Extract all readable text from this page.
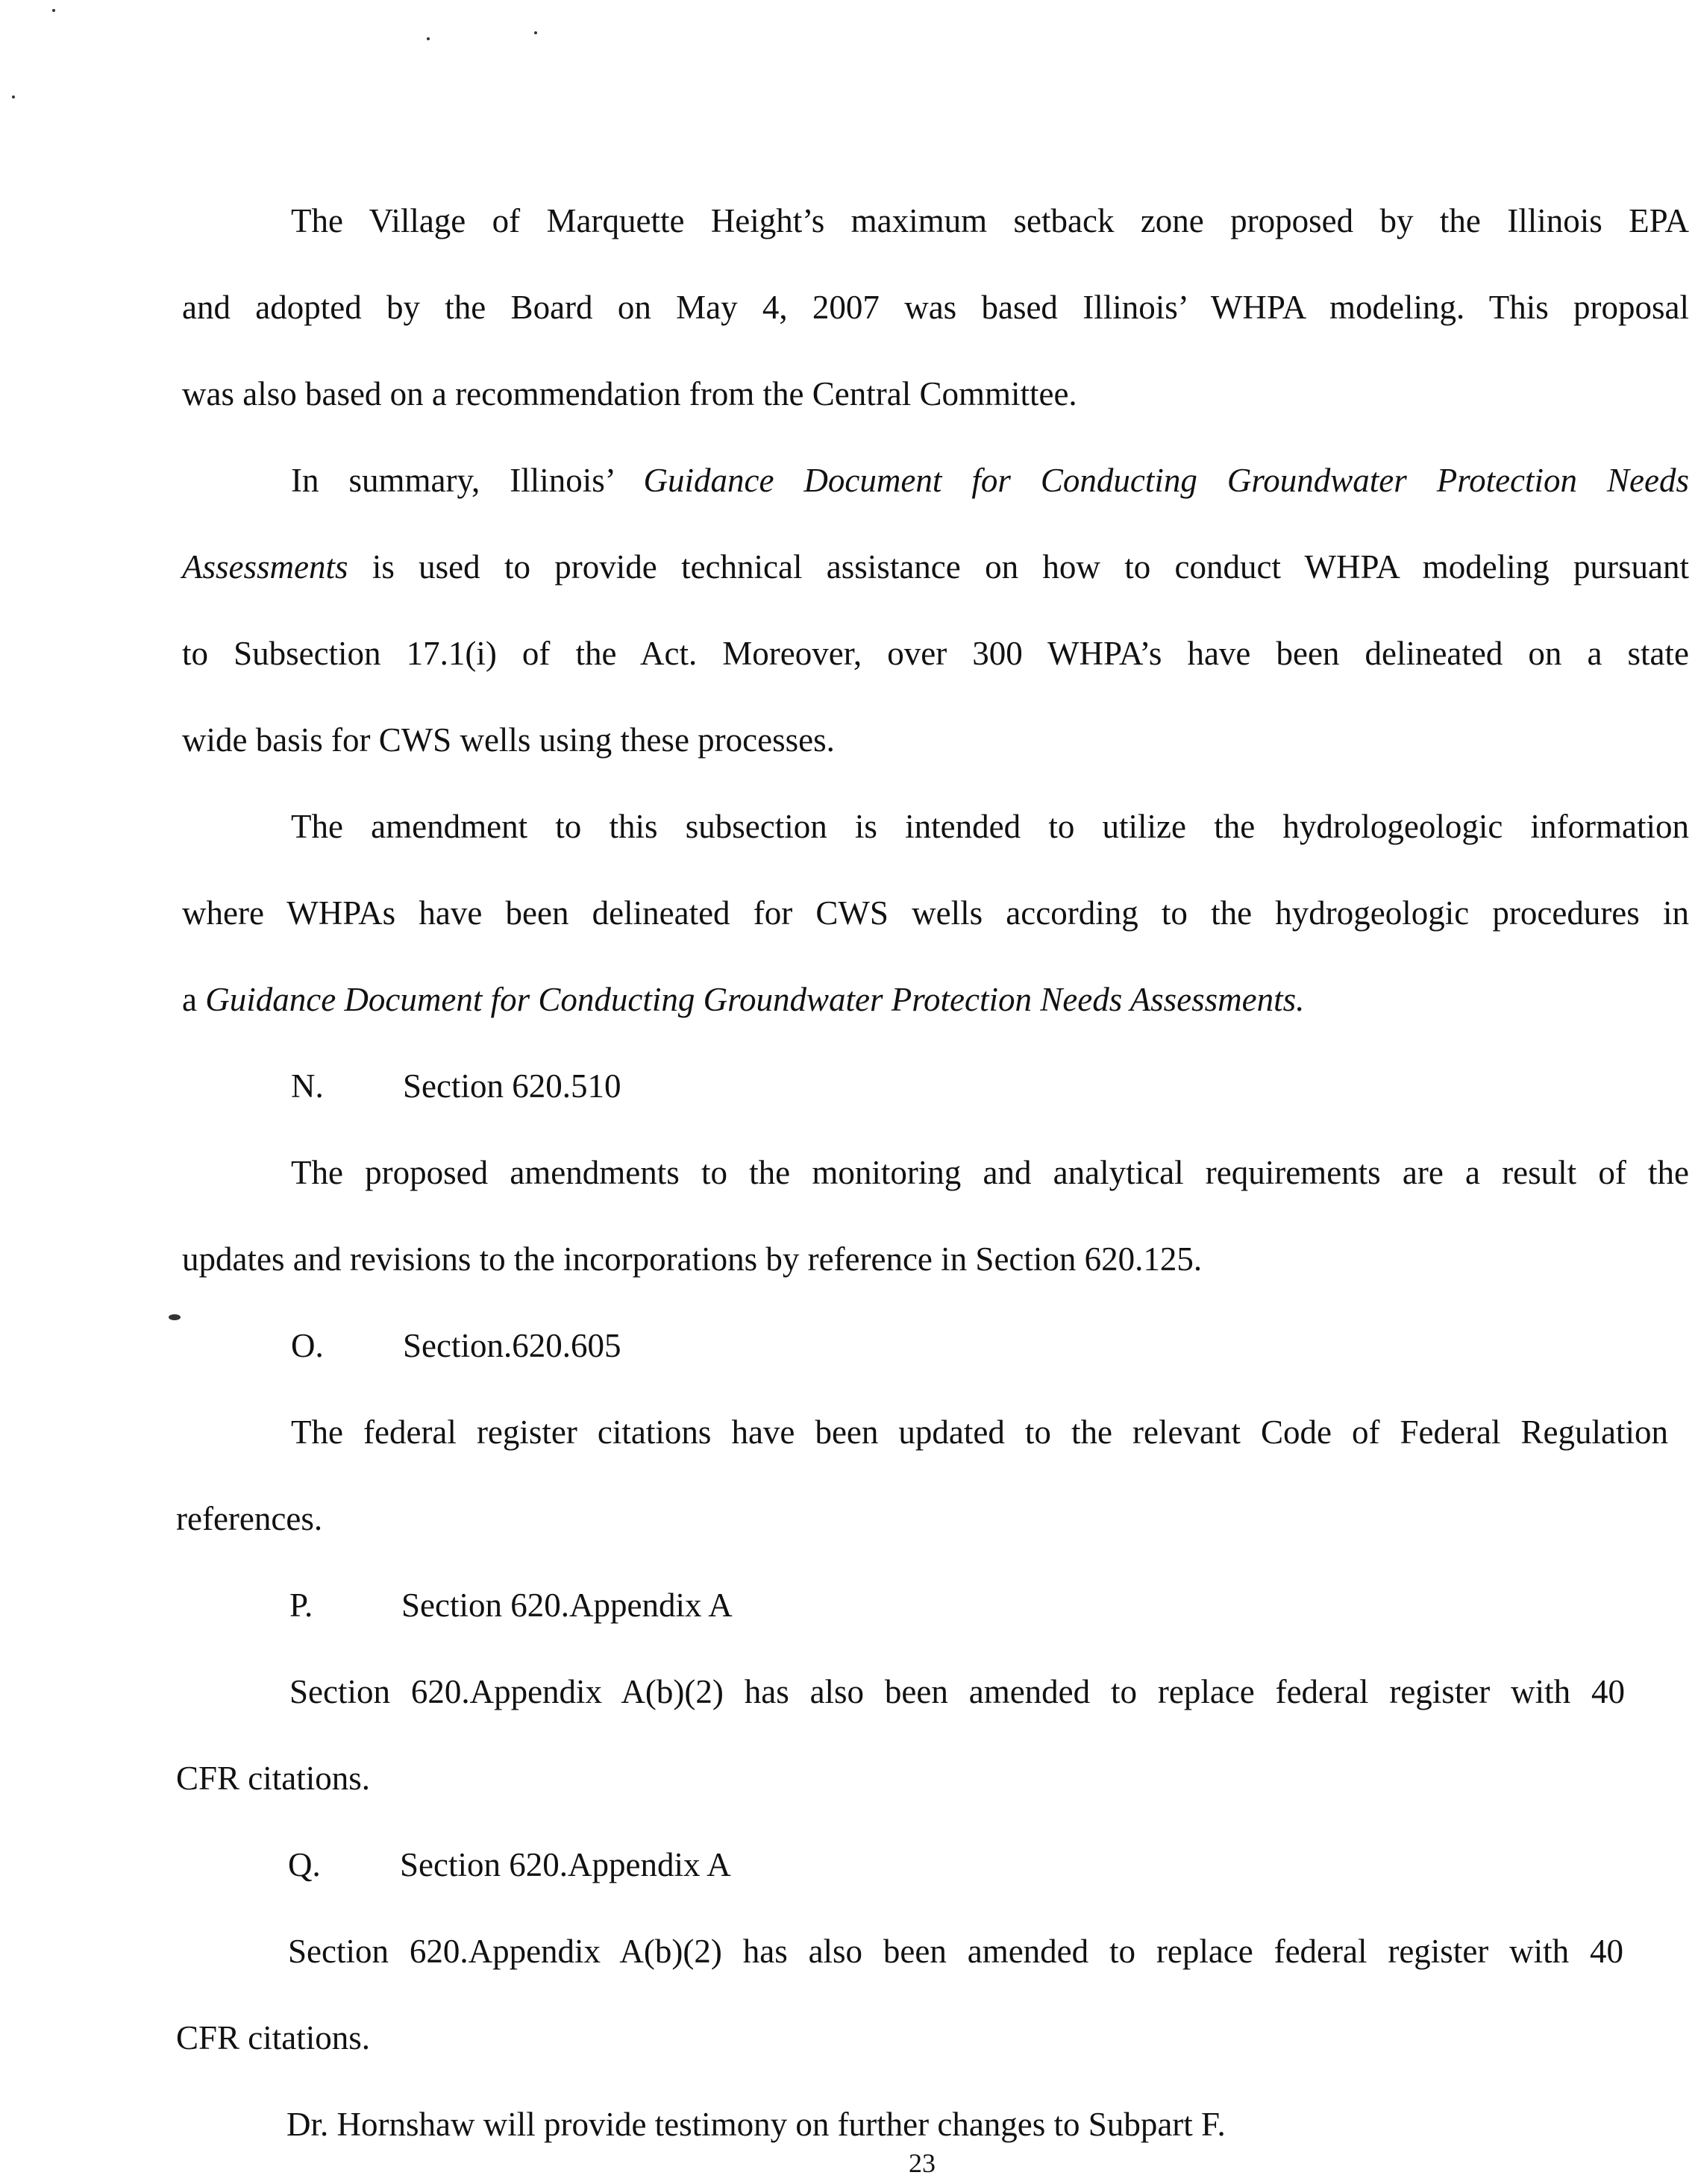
The Village of Marquette Height’s maximum setback zone proposed by the Illinois EPA
and adopted by the Board on May 4, 2007 was based Illinois’ WHPA modeling. This proposal
was also based on a recommendation from the Central Committee.
In summary, Illinois’ Guidance Document for Conducting Groundwater Protection Needs
Assessments is used to provide technical assistance on how to conduct WHPA modeling pursuant
to Subsection 17.1(i) of the Act. Moreover, over 300 WHPA’s have been delineated on a state
wide basis for CWS wells using these processes.
The amendment to this subsection is intended to utilize the hydrologeologic information
where WHPAs have been delineated for CWS wells according to the hydrogeologic procedures in
a Guidance Document for Conducting Groundwater Protection Needs Assessments.
N. Section 620.510
The proposed amendments to the monitoring and analytical requirements are a result of the
updates and revisions to the incorporations by reference in Section 620.125.
O. Section.620.605
The federal register citations have been updated to the relevant Code of Federal Regulation
references.
P.	Section 620.Appendix A
Section 620.Appendix A(b)(2) has also been amended to replace federal register with 40
CFR citations.
Q. Section 620.Appendix A
Section 620.Appendix A(b)(2) has also been amended to replace federal register with 40
CFR citations.
Dr. Hornshaw will provide testimony on further changes to Subpart F.
23
